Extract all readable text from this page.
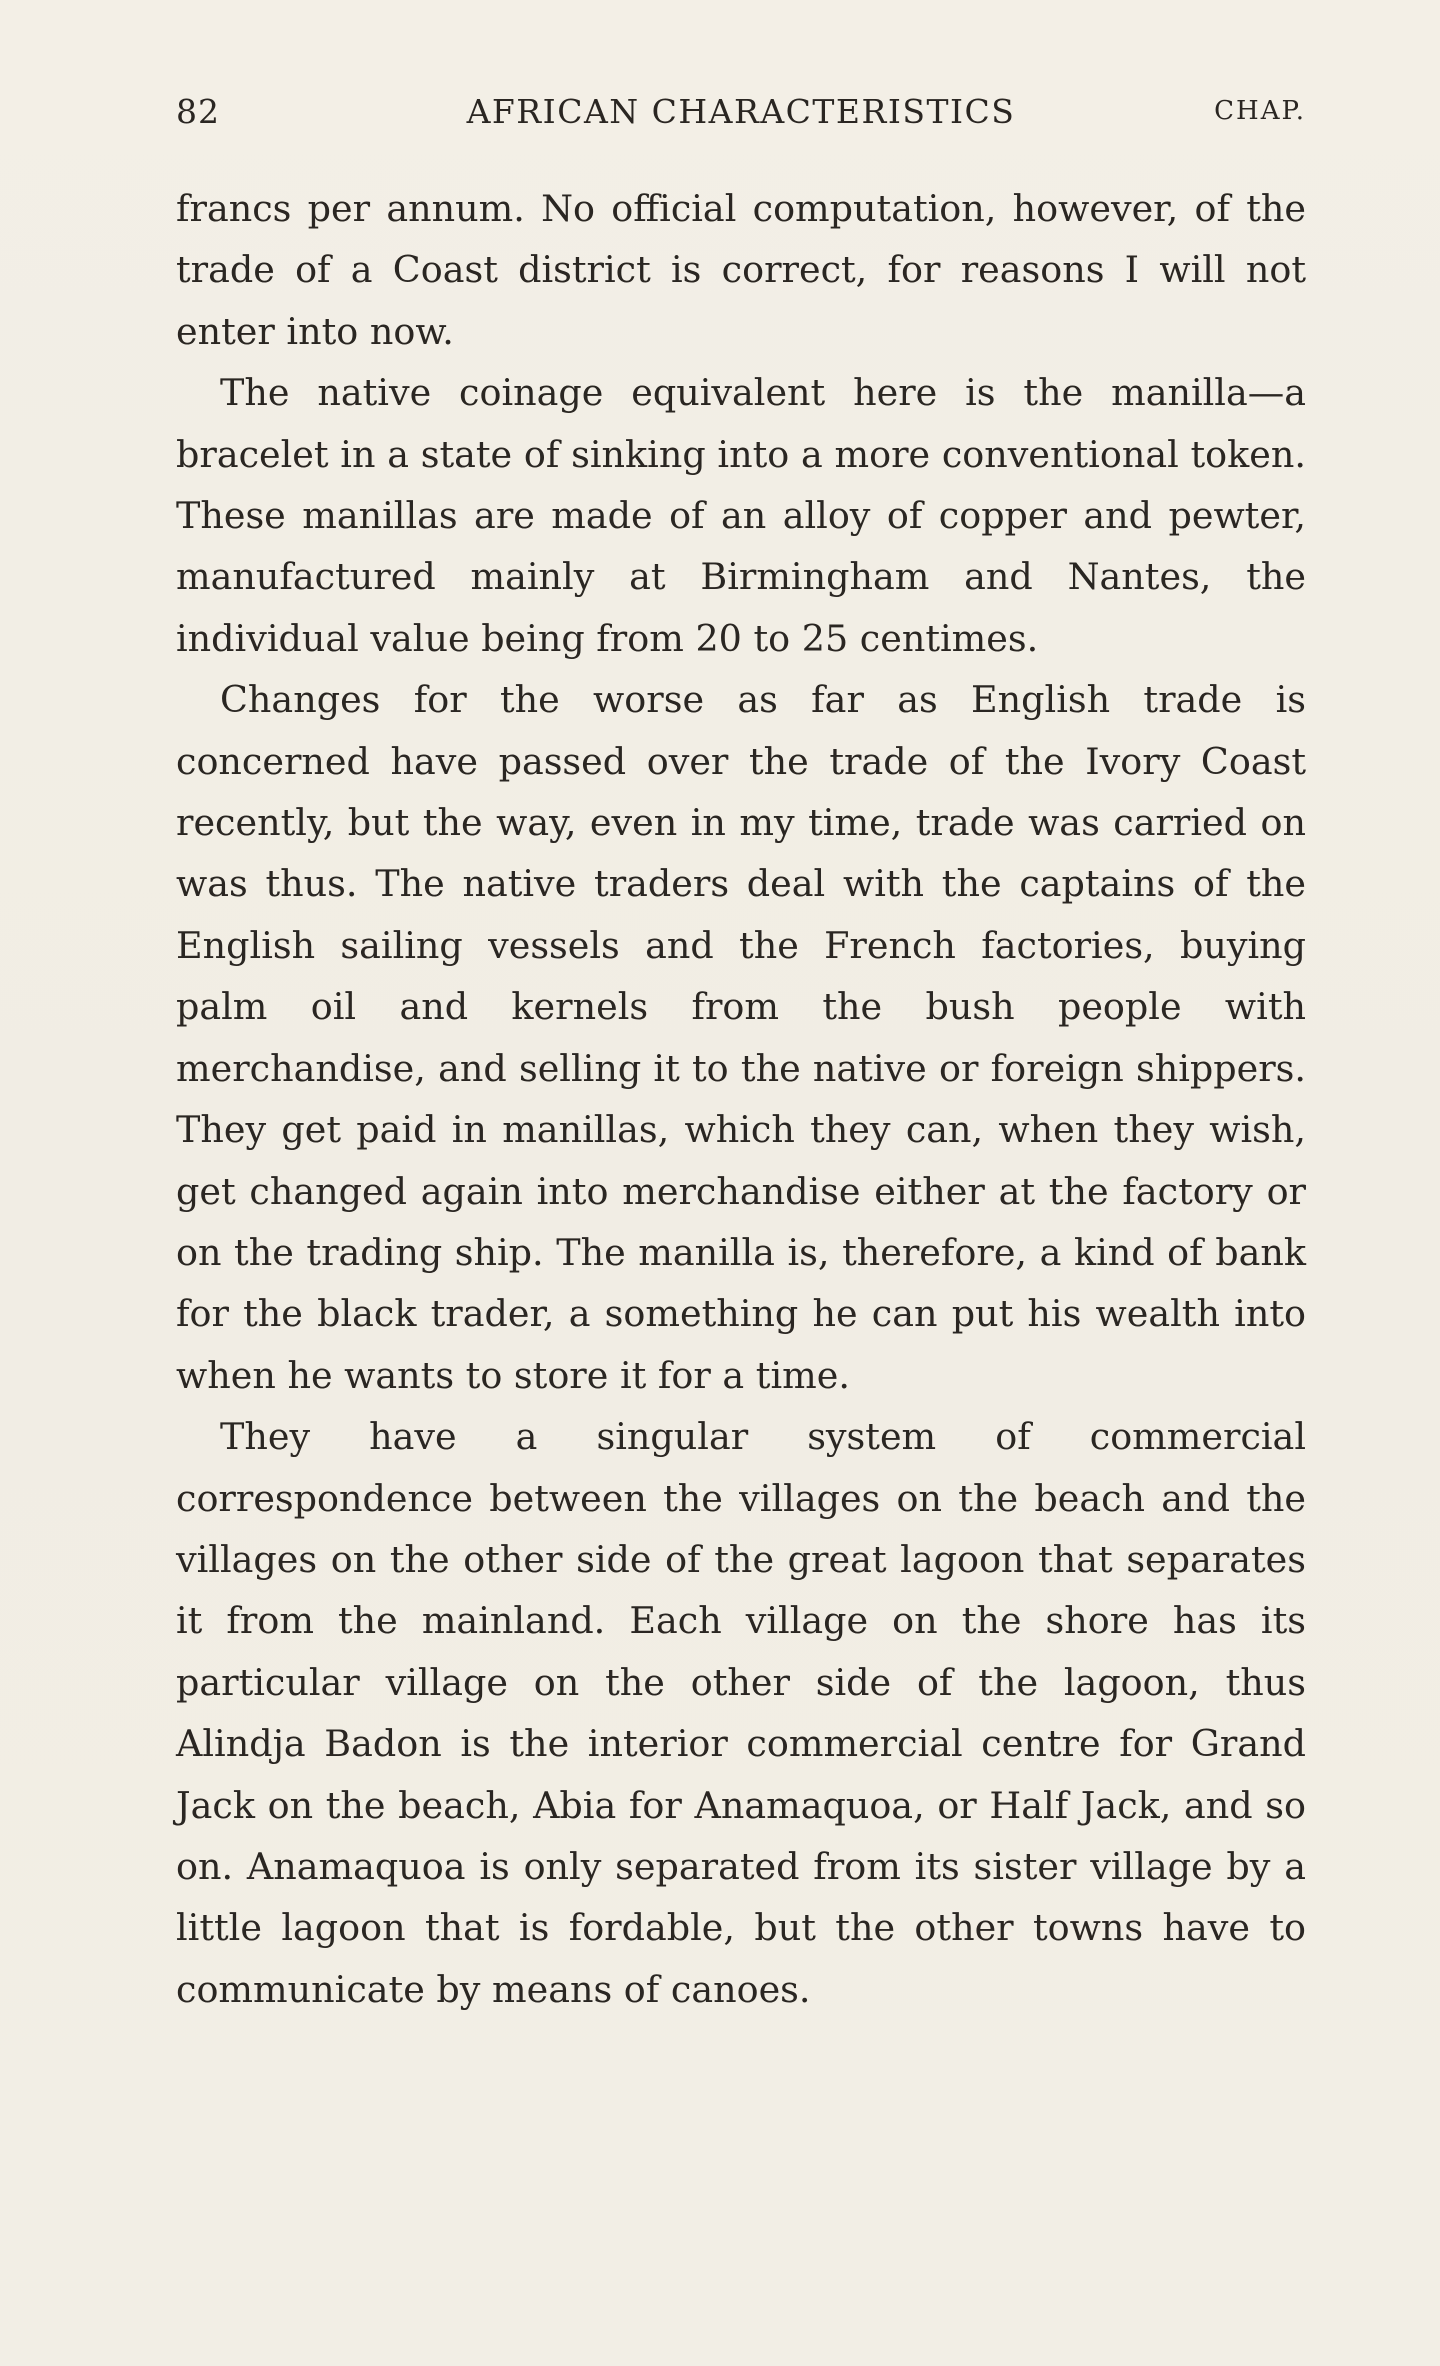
82	AFRICAN CHARACTERISTICS	CHAP.

francs per annum. No official computation, however, of the trade of a Coast district is correct, for reasons I will not enter into now.

The native coinage equivalent here is the manilla—a bracelet in a state of sinking into a more conventional token. These manillas are made of an alloy of copper and pewter, manufactured mainly at Birmingham and Nantes, the individual value being from 20 to 25 centimes.

Changes for the worse as far as English trade is concerned have passed over the trade of the Ivory Coast recently, but the way, even in my time, trade was carried on was thus. The native traders deal with the captains of the English sailing vessels and the French factories, buying palm oil and kernels from the bush people with merchandise, and selling it to the native or foreign shippers. They get paid in manillas, which they can, when they wish, get changed again into merchandise either at the factory or on the trading ship. The manilla is, therefore, a kind of bank for the black trader, a something he can put his wealth into when he wants to store it for a time.

They have a singular system of commercial correspondence between the villages on the beach and the villages on the other side of the great lagoon that separates it from the mainland. Each village on the shore has its particular village on the other side of the lagoon, thus Alindja Badon is the interior commercial centre for Grand Jack on the beach, Abia for Anamaquoa, or Half Jack, and so on. Anamaquoa is only separated from its sister village by a little lagoon that is fordable, but the other towns have to communicate by means of canoes.
